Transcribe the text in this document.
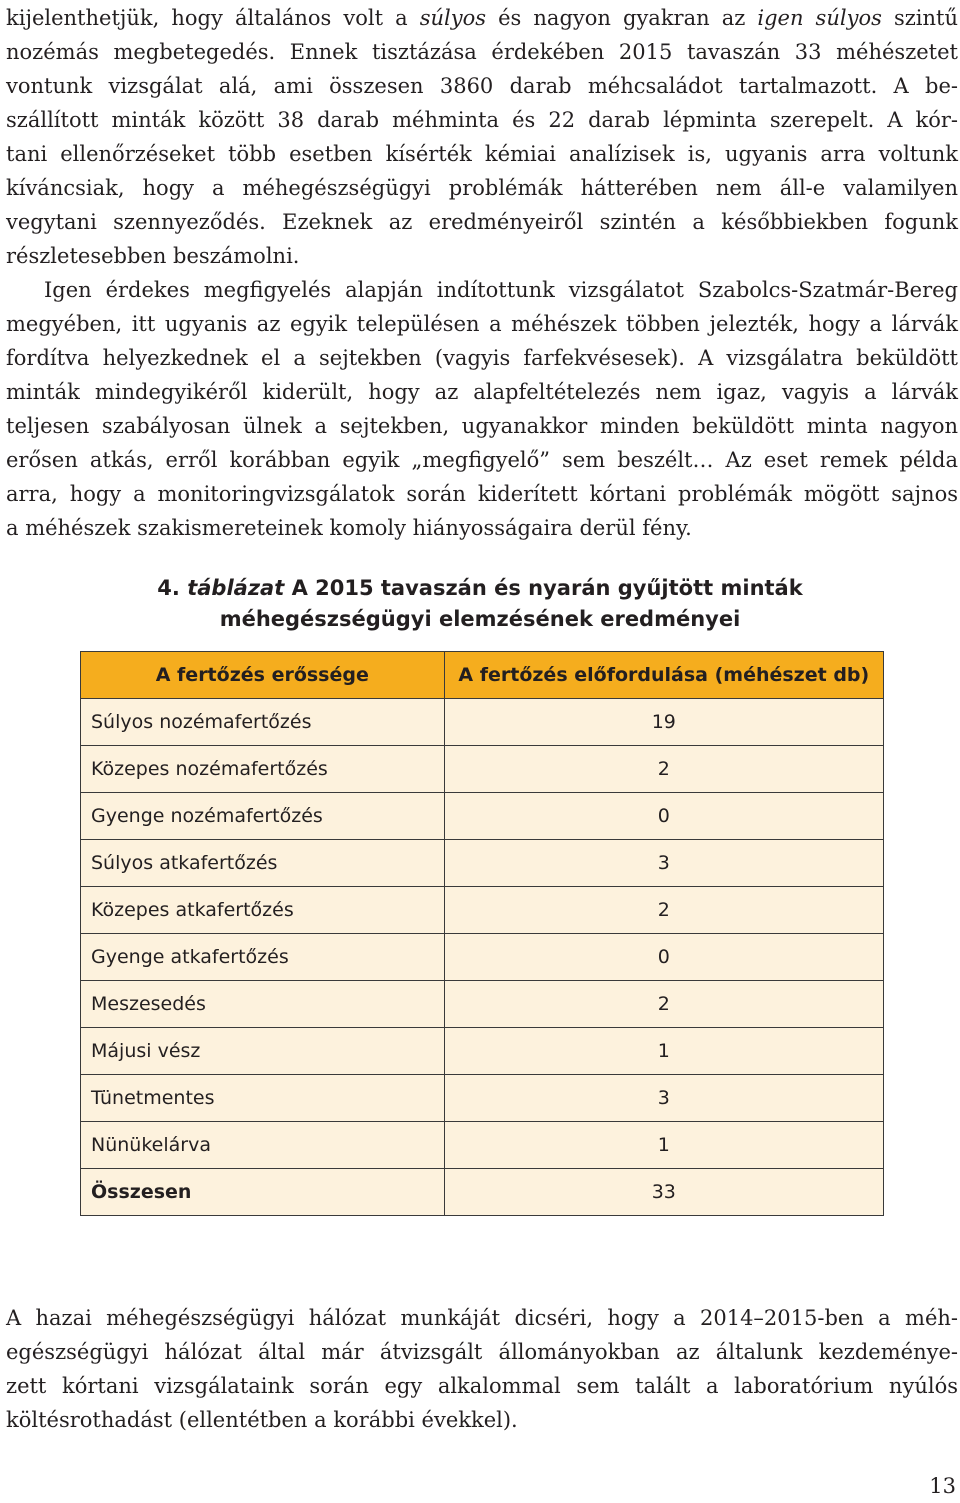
kijelenthetjük, hogy általános volt a súlyos és nagyon gyakran az igen súlyos szintű
nozémás megbetegedés. Ennek tisztázása érdekében 2015 tavaszán 33 méhészetet
vontunk vizsgálat alá, ami összesen 3860 darab méhcsaládot tartalmazott. A be-
szállított minták között 38 darab méhminta és 22 darab lépminta szerepelt. A kór-
tani ellenőrzéseket több esetben kísérték kémiai analízisek is, ugyanis arra voltunk
kíváncsiak, hogy a méhegészségügyi problémák hátterében nem áll-e valamilyen
vegytani szennyeződés. Ezeknek az eredményeiről szintén a későbbiekben fogunk
részletesebben beszámolni.
Igen érdekes megfigyelés alapján indítottunk vizsgálatot Szabolcs-Szatmár-Bereg
megyében, itt ugyanis az egyik településen a méhészek többen jelezték, hogy a lárvák
fordítva helyezkednek el a sejtekben (vagyis farfekvésesek). A vizsgálatra beküldött
minták mindegyikéről kiderült, hogy az alapfeltételezés nem igaz, vagyis a lárvák
teljesen szabályosan ülnek a sejtekben, ugyanakkor minden beküldött minta nagyon
erősen atkás, erről korábban egyik „megfigyelő” sem beszélt… Az eset remek példa
arra, hogy a monitoringvizsgálatok során kiderített kórtani problémák mögött sajnos
a méhészek szakismereteinek komoly hiányosságaira derül fény.
4. táblázat A 2015 tavaszán és nyarán gyűjtött minták
méhegészségügyi elemzésének eredményei
A fertőzés erőssége	A fertőzés előfordulása (méhészet db)
Súlyos nozémafertőzés	19
Közepes nozémafertőzés	2
Gyenge nozémafertőzés	0
Súlyos atkafertőzés	3
Közepes atkafertőzés	2
Gyenge atkafertőzés	0
Meszesedés	2
Májusi vész	1
Tünetmentes	3
Nünükelárva	1
Összesen	33
A hazai méhegészségügyi hálózat munkáját dicséri, hogy a 2014–2015-ben a méh-
egészségügyi hálózat által már átvizsgált állományokban az általunk kezdeménye-
zett kórtani vizsgálataink során egy alkalommal sem talált a laboratórium nyúlós
költésrothadást (ellentétben a korábbi évekkel).
13
